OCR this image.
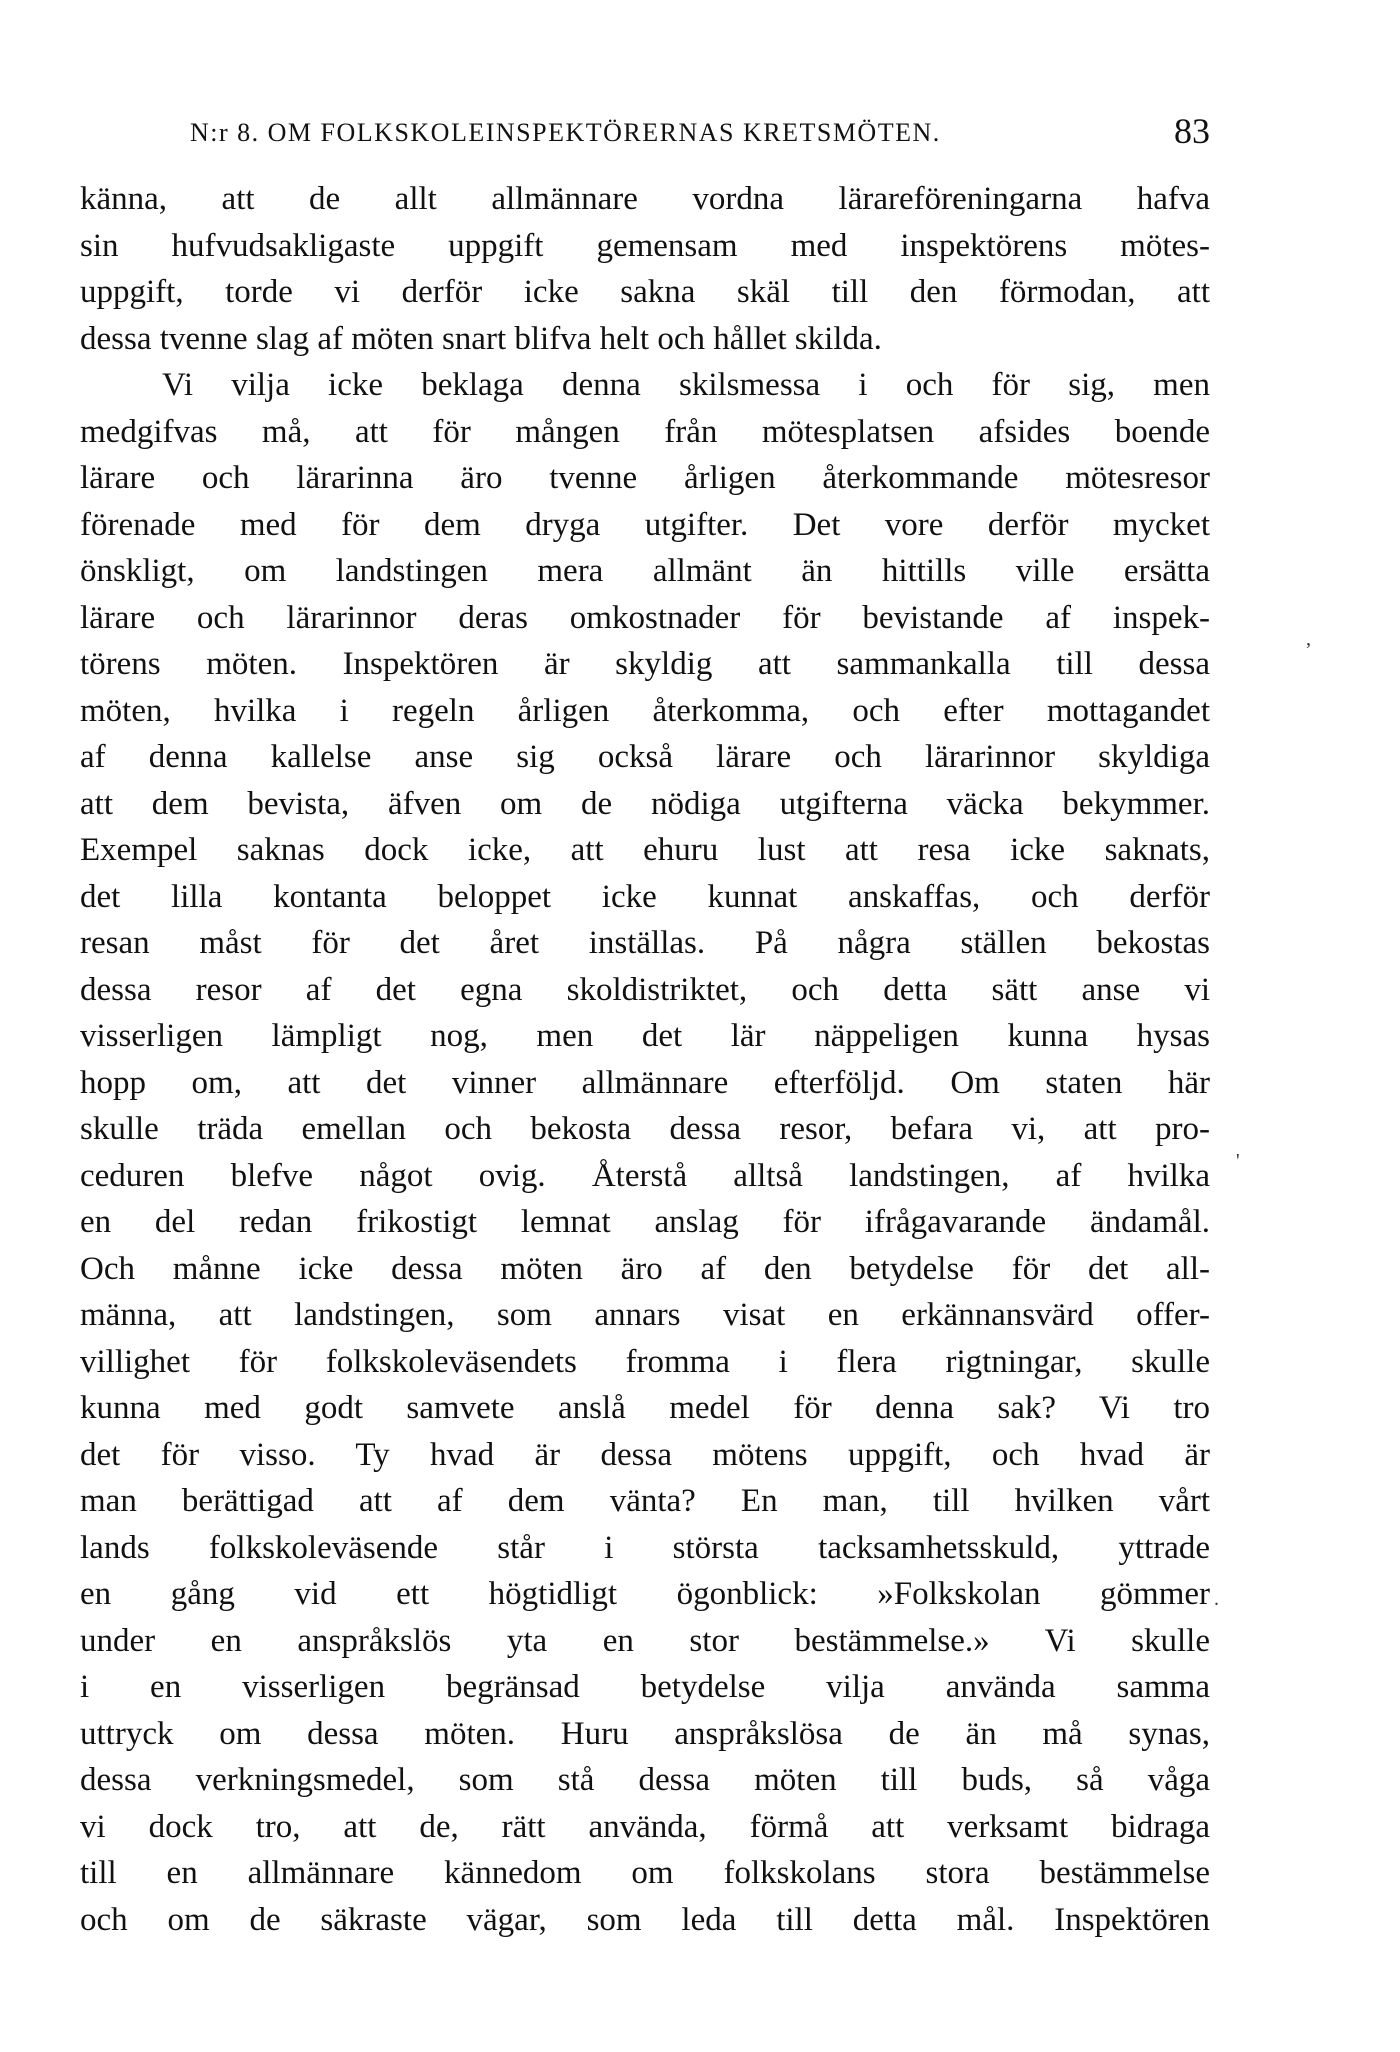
N:r 8. OM FOLKSKOLEINSPEKTÖRERNAS KRETSMÖTEN.	83
känna, att de allt allmännare vordna lärareföreningarna hafva
sin hufvudsakligaste uppgift gemensam med inspektörens mötes-
uppgift, torde vi derför icke sakna skäl till den förmodan, att
dessa tvenne slag af möten snart blifva helt och hållet skilda.
Vi vilja icke beklaga denna skilsmessa i och för sig, men
medgifvas må, att för mången från mötesplatsen afsides boende
lärare och lärarinna äro tvenne årligen återkommande mötesresor
förenade med för dem dryga utgifter. Det vore derför mycket
önskligt, om landstingen mera allmänt än hittills ville ersätta
lärare och lärarinnor deras omkostnader för bevistande af inspek-
törens möten. Inspektören är skyldig att sammankalla till dessa
möten, hvilka i regeln årligen återkomma, och efter mottagandet
af denna kallelse anse sig också lärare och lärarinnor skyldiga
att dem bevista, äfven om de nödiga utgifterna väcka bekymmer.
Exempel saknas dock icke, att ehuru lust att resa icke saknats,
det lilla kontanta beloppet icke kunnat anskaffas, och derför
resan måst för det året inställas. På några ställen bekostas
dessa resor af det egna skoldistriktet, och detta sätt anse vi
visserligen lämpligt nog, men det lär näppeligen kunna hysas
hopp om, att det vinner allmännare efterföljd. Om staten här
skulle träda emellan och bekosta dessa resor, befara vi, att pro-
ceduren blefve något ovig. Återstå alltså landstingen, af hvilka
en del redan frikostigt lemnat anslag för ifrågavarande ändamål.
Och månne icke dessa möten äro af den betydelse för det all-
männa, att landstingen, som annars visat en erkännansvärd offer-
villighet för folkskoleväsendets fromma i flera rigtningar, skulle
kunna med godt samvete anslå medel för denna sak? Vi tro
det för visso. Ty hvad är dessa mötens uppgift, och hvad är
man berättigad att af dem vänta? En man, till hvilken vårt
lands folkskoleväsende står i största tacksamhetsskuld, yttrade
en gång vid ett högtidligt ögonblick: »Folkskolan gömmer
under en anspråkslös yta en stor bestämmelse.» Vi skulle
i en visserligen begränsad betydelse vilja använda samma
uttryck om dessa möten. Huru anspråkslösa de än må synas,
dessa verkningsmedel, som stå dessa möten till buds, så våga
vi dock tro, att de, rätt använda, förmå att verksamt bidraga
till en allmännare kännedom om folkskolans stora bestämmelse
och om de säkraste vägar, som leda till detta mål. Inspektören
,
'
.
